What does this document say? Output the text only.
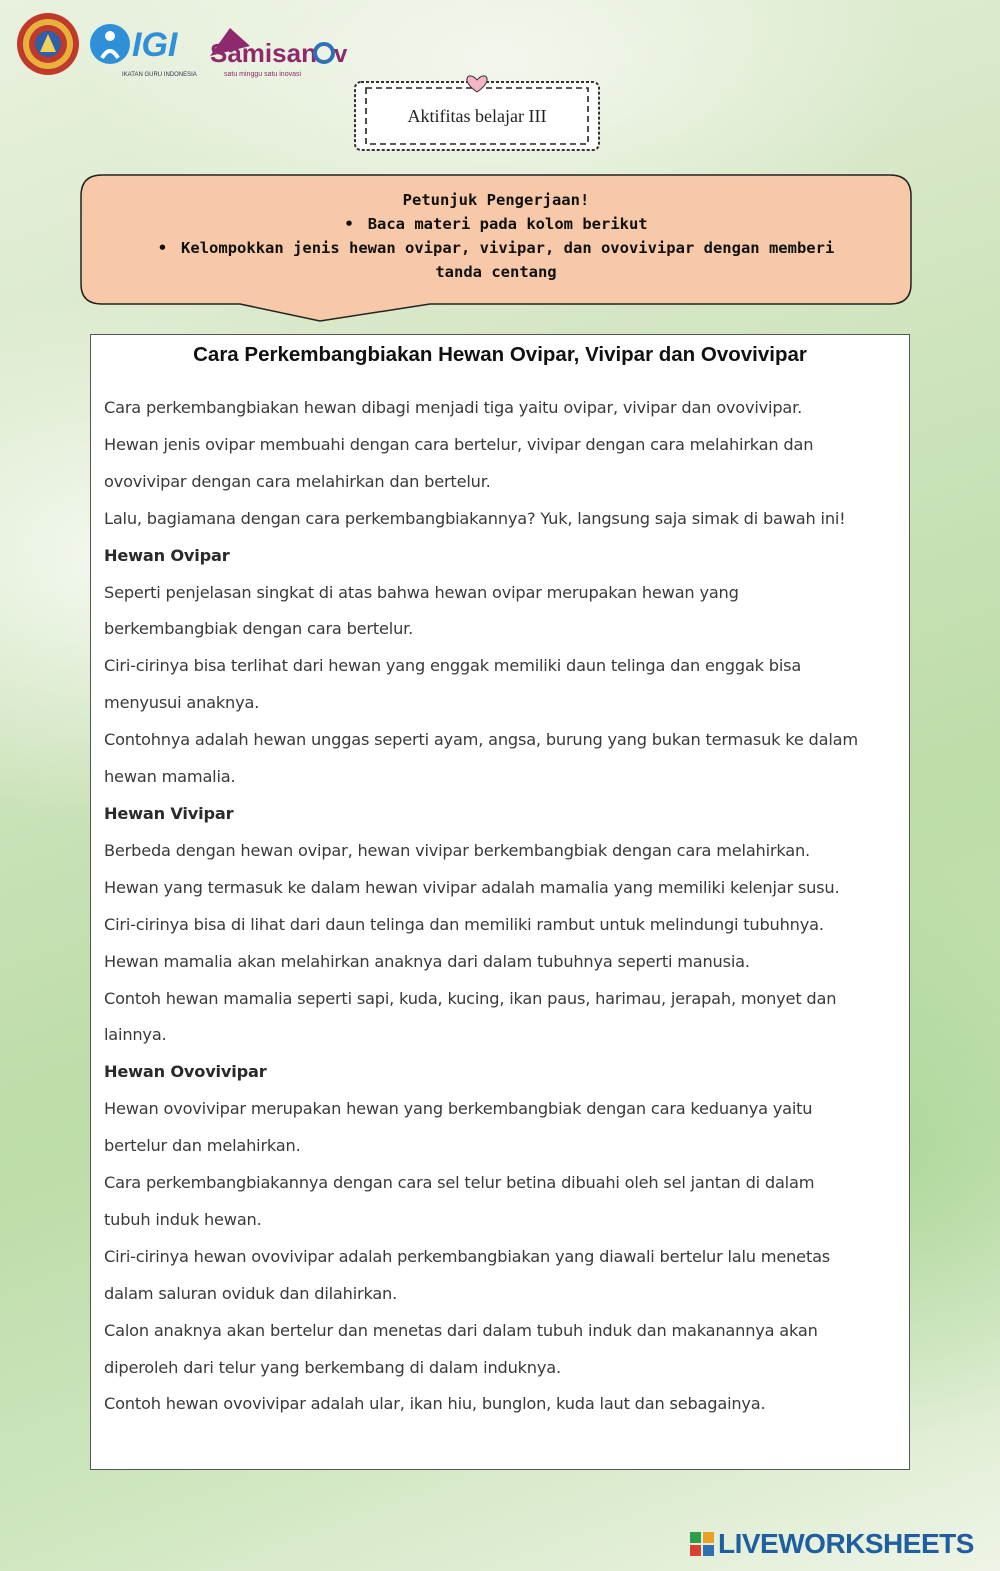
IGI
IKATAN GURU INDONESIA
Samisan v
satu minggu satu inovasi
Aktifitas belajar III
Petunjuk Pengerjaan!
• Baca materi pada kolom berikut
• Kelompokkan jenis hewan ovipar, vivipar, dan ovovivipar dengan memberi
tanda centang
Cara Perkembangbiakan Hewan Ovipar, Vivipar dan Ovovivipar

Cara perkembangbiakan hewan dibagi menjadi tiga yaitu ovipar, vivipar dan ovovivipar.

Hewan jenis ovipar membuahi dengan cara bertelur, vivipar dengan cara melahirkan dan

ovovivipar dengan cara melahirkan dan bertelur.

Lalu, bagiamana dengan cara perkembangbiakannya? Yuk, langsung saja simak di bawah ini!

Hewan Ovipar

Seperti penjelasan singkat di atas bahwa hewan ovipar merupakan hewan yang

berkembangbiak dengan cara bertelur.

Ciri-cirinya bisa terlihat dari hewan yang enggak memiliki daun telinga dan enggak bisa

menyusui anaknya.

Contohnya adalah hewan unggas seperti ayam, angsa, burung yang bukan termasuk ke dalam

hewan mamalia.

Hewan Vivipar

Berbeda dengan hewan ovipar, hewan vivipar berkembangbiak dengan cara melahirkan.

Hewan yang termasuk ke dalam hewan vivipar adalah mamalia yang memiliki kelenjar susu.

Ciri-cirinya bisa di lihat dari daun telinga dan memiliki rambut untuk melindungi tubuhnya.

Hewan mamalia akan melahirkan anaknya dari dalam tubuhnya seperti manusia.

Contoh hewan mamalia seperti sapi, kuda, kucing, ikan paus, harimau, jerapah, monyet dan

lainnya.

Hewan Ovovivipar

Hewan ovovivipar merupakan hewan yang berkembangbiak dengan cara keduanya yaitu

bertelur dan melahirkan.

Cara perkembangbiakannya dengan cara sel telur betina dibuahi oleh sel jantan di dalam

tubuh induk hewan.

Ciri-cirinya hewan ovovivipar adalah perkembangbiakan yang diawali bertelur lalu menetas

dalam saluran oviduk dan dilahirkan.

Calon anaknya akan bertelur dan menetas dari dalam tubuh induk dan makanannya akan

diperoleh dari telur yang berkembang di dalam induknya.

Contoh hewan ovovivipar adalah ular, ikan hiu, bunglon, kuda laut dan sebagainya.

LIVEWORKSHEETS
